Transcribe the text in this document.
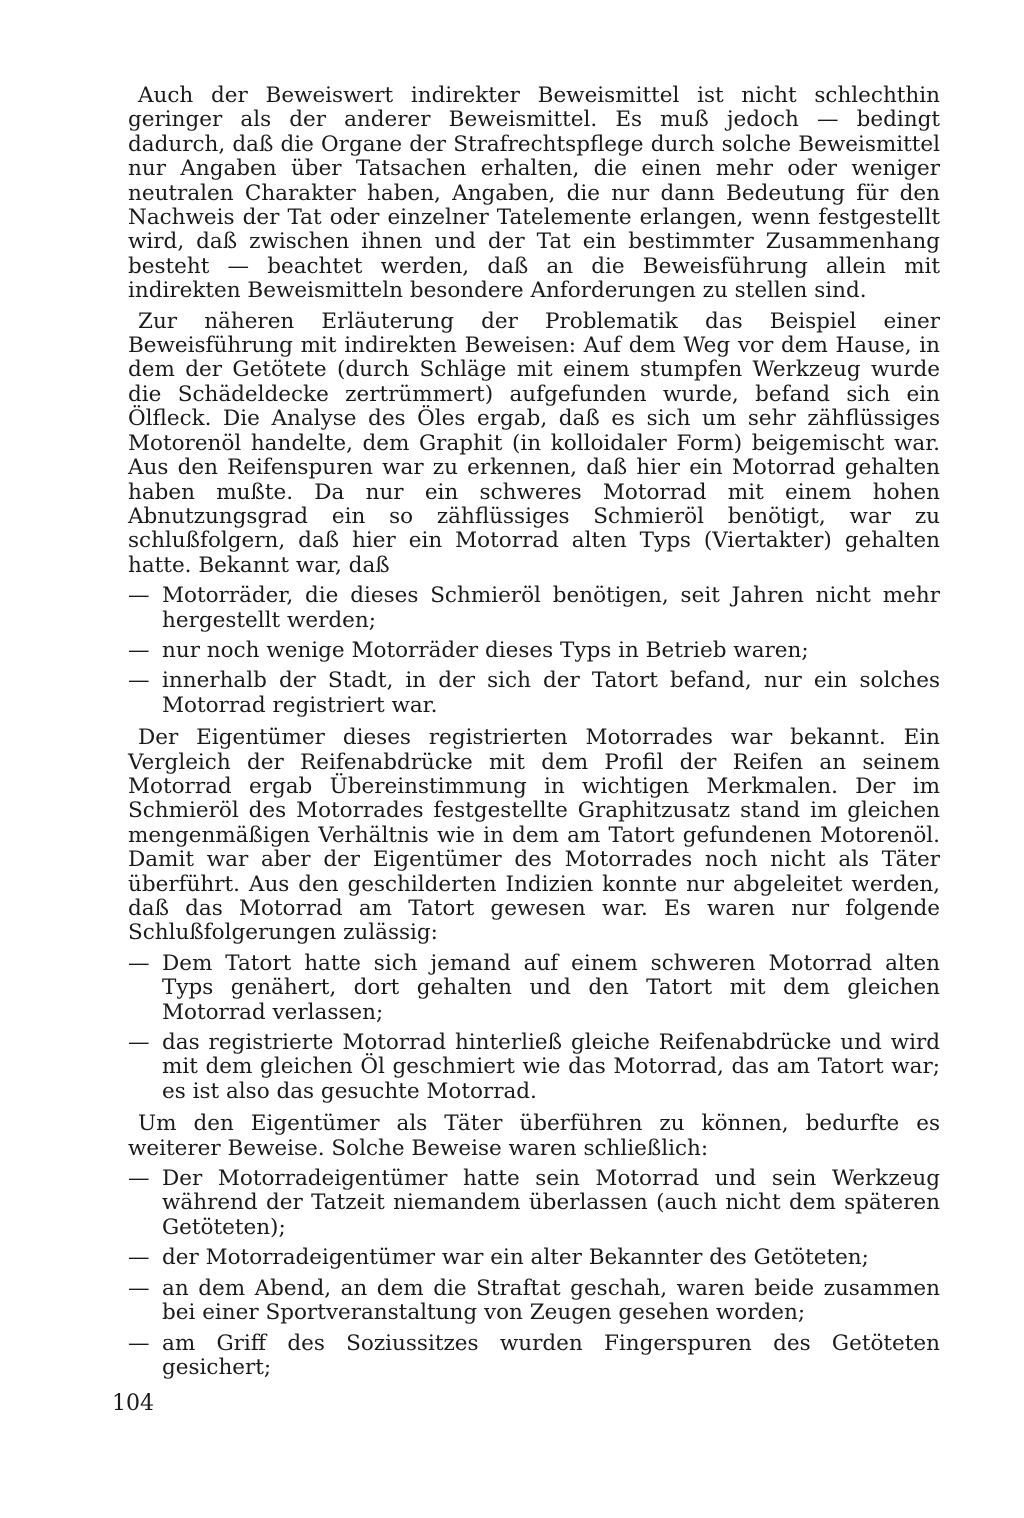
Auch der Beweiswert indirekter Beweismittel ist nicht schlechthin geringer als der anderer Beweismittel. Es muß jedoch — bedingt dadurch, daß die Organe der Strafrechtspflege durch solche Beweismittel nur Angaben über Tatsachen erhalten, die einen mehr oder weniger neutralen Charakter haben, Angaben, die nur dann Bedeutung für den Nachweis der Tat oder einzelner Tatelemente erlangen, wenn festgestellt wird, daß zwischen ihnen und der Tat ein bestimmter Zusammenhang besteht — beachtet werden, daß an die Beweisführung allein mit indirekten Beweismitteln besondere Anforderungen zu stellen sind.

Zur näheren Erläuterung der Problematik das Beispiel einer Beweisführung mit indirekten Beweisen: Auf dem Weg vor dem Hause, in dem der Getötete (durch Schläge mit einem stumpfen Werkzeug wurde die Schädeldecke zertrümmert) aufgefunden wurde, befand sich ein Ölfleck. Die Analyse des Öles ergab, daß es sich um sehr zähflüssiges Motorenöl handelte, dem Graphit (in kolloidaler Form) beigemischt war. Aus den Reifenspuren war zu erkennen, daß hier ein Motorrad gehalten haben mußte. Da nur ein schweres Motorrad mit einem hohen Abnutzungsgrad ein so zähflüssiges Schmieröl benötigt, war zu schlußfolgern, daß hier ein Motorrad alten Typs (Viertakter) gehalten hatte. Bekannt war, daß

— Motorräder, die dieses Schmieröl benötigen, seit Jahren nicht mehr hergestellt werden;
— nur noch wenige Motorräder dieses Typs in Betrieb waren;
— innerhalb der Stadt, in der sich der Tatort befand, nur ein solches Motorrad registriert war.

Der Eigentümer dieses registrierten Motorrades war bekannt. Ein Vergleich der Reifenabdrücke mit dem Profil der Reifen an seinem Motorrad ergab Übereinstimmung in wichtigen Merkmalen. Der im Schmieröl des Motorrades festgestellte Graphitzusatz stand im gleichen mengenmäßigen Verhältnis wie in dem am Tatort gefundenen Motorenöl. Damit war aber der Eigentümer des Motorrades noch nicht als Täter überführt. Aus den geschilderten Indizien konnte nur abgeleitet werden, daß das Motorrad am Tatort gewesen war. Es waren nur folgende Schlußfolgerungen zulässig:

— Dem Tatort hatte sich jemand auf einem schweren Motorrad alten Typs genähert, dort gehalten und den Tatort mit dem gleichen Motorrad verlassen;
— das registrierte Motorrad hinterließ gleiche Reifenabdrücke und wird mit dem gleichen Öl geschmiert wie das Motorrad, das am Tatort war; es ist also das gesuchte Motorrad.

Um den Eigentümer als Täter überführen zu können, bedurfte es weiterer Beweise. Solche Beweise waren schließlich:

— Der Motorradeigentümer hatte sein Motorrad und sein Werkzeug während der Tatzeit niemandem überlassen (auch nicht dem späteren Getöteten);
— der Motorradeigentümer war ein alter Bekannter des Getöteten;
— an dem Abend, an dem die Straftat geschah, waren beide zusammen bei einer Sportveranstaltung von Zeugen gesehen worden;
— am Griff des Soziussitzes wurden Fingerspuren des Getöteten gesichert;
104
